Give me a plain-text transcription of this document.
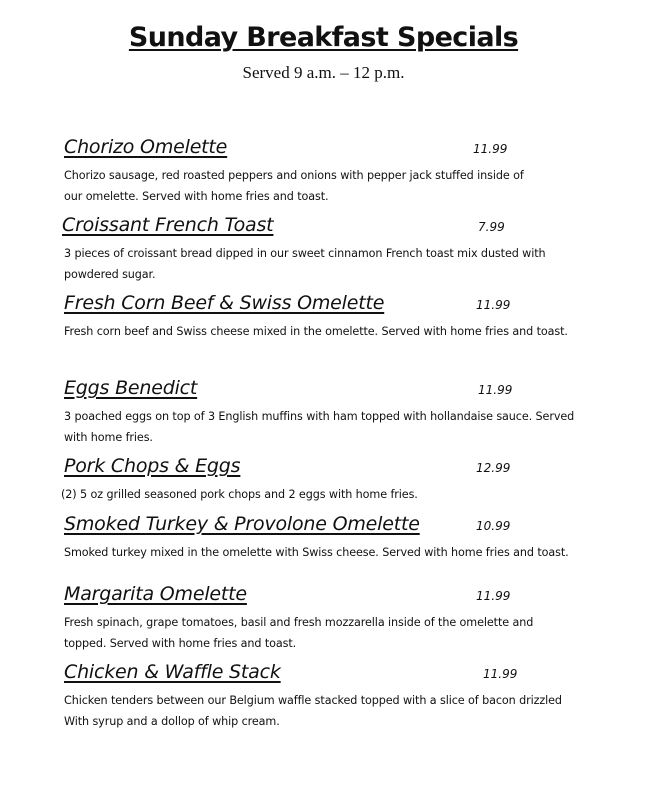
Sunday Breakfast Specials
Served 9 a.m. – 12 p.m.
Chorizo Omelette	11.99
Chorizo sausage, red roasted peppers and onions with pepper jack stuffed inside of our omelette. Served with home fries and toast.
Croissant French Toast	7.99
3 pieces of croissant bread dipped in our sweet cinnamon French toast mix dusted with powdered sugar.
Fresh Corn Beef & Swiss Omelette	11.99
Fresh corn beef and Swiss cheese mixed in the omelette. Served with home fries and toast.
Eggs Benedict	11.99
3 poached eggs on top of 3 English muffins with ham topped with hollandaise sauce. Served with home fries.
Pork Chops & Eggs	12.99
(2) 5 oz grilled seasoned pork chops and 2 eggs with home fries.
Smoked Turkey & Provolone Omelette	10.99
Smoked turkey mixed in the omelette with Swiss cheese. Served with home fries and toast.
Margarita Omelette	11.99
Fresh spinach, grape tomatoes, basil and fresh mozzarella inside of the omelette and topped. Served with home fries and toast.
Chicken & Waffle Stack	11.99
Chicken tenders between our Belgium waffle stacked topped with a slice of bacon drizzled With syrup and a dollop of whip cream.
